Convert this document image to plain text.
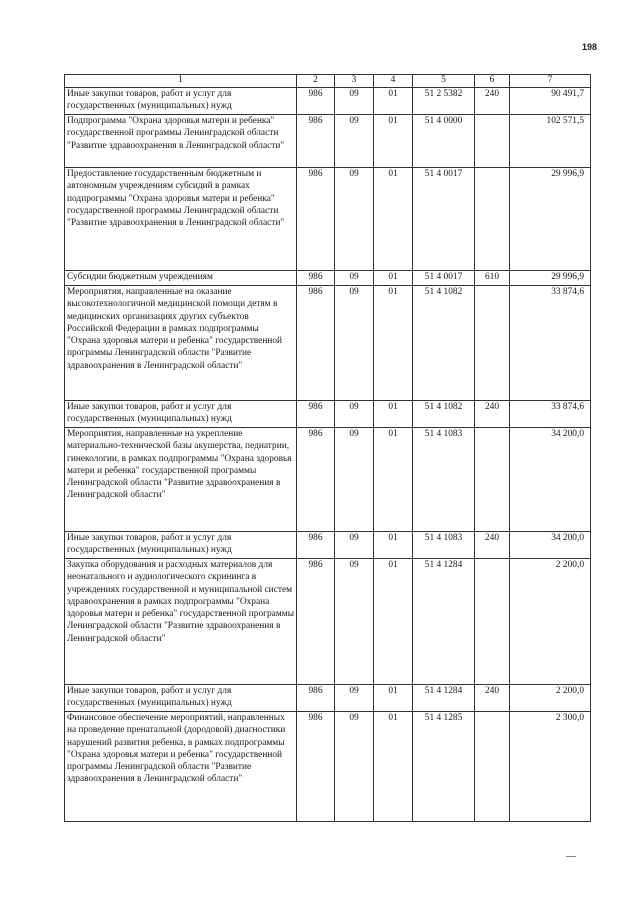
198
1	2	3	4	5	6	7
Иные закупки товаров, работ и услуг для государственных (муниципальных) нужд	986	09	01	51 2 5382	240	90 491,7
Подпрограмма "Охрана здоровья матери и ребенка" государственной программы Ленинградской области "Развитие здравоохранения в Ленинградской области"	986	09	01	51 4 0000		102 571,5
Предоставление государственным бюджетным и автономным учреждениям субсидий в рамках подпрограммы "Охрана здоровья матери и ребенка" государственной программы Ленинградской области "Развитие здравоохранения в Ленинградской области"	986	09	01	51 4 0017		29 996,9
Субсидии бюджетным учреждениям	986	09	01	51 4 0017	610	29 996,9
Мероприятия, направленные на оказание высокотехнологичной медицинской помощи детям в медицинских организациях других субъектов Российской Федерации в рамках подпрограммы "Охрана здоровья матери и ребенка" государственной программы Ленинградской области "Развитие здравоохранения в Ленинградской области"	986	09	01	51 4 1082		33 874,6
Иные закупки товаров, работ и услуг для государственных (муниципальных) нужд	986	09	01	51 4 1082	240	33 874,6
Мероприятия, направленные на укрепление материально-технической базы акушерства, педиатрии, гинекологии, в рамках подпрограммы "Охрана здоровья матери и ребенка" государственной программы Ленинградской области "Развитие здравоохранения в Ленинградской области"	986	09	01	51 4 1083		34 200,0
Иные закупки товаров, работ и услуг для государственных (муниципальных) нужд	986	09	01	51 4 1083	240	34 200,0
Закупка оборудования и расходных материалов для неонатального и аудиологического скрининга в учреждениях государственной и муниципальной систем здравоохранения в рамках подпрограммы "Охрана здоровья матери и ребенка" государственной программы Ленинградской области "Развитие здравоохранения в Ленинградской области"	986	09	01	51 4 1284		2 200,0
Иные закупки товаров, работ и услуг для государственных (муниципальных) нужд	986	09	01	51 4 1284	240	2 200,0
Финансовое обеспечение мероприятий, направленных на проведение пренатальной (дородовой) диагностики нарушений развития ребенка, в рамках подпрограммы "Охрана здоровья матери и ребенка" государственной программы Ленинградской области "Развитие здравоохранения в Ленинградской области"	986	09	01	51 4 1285		2 300,0
